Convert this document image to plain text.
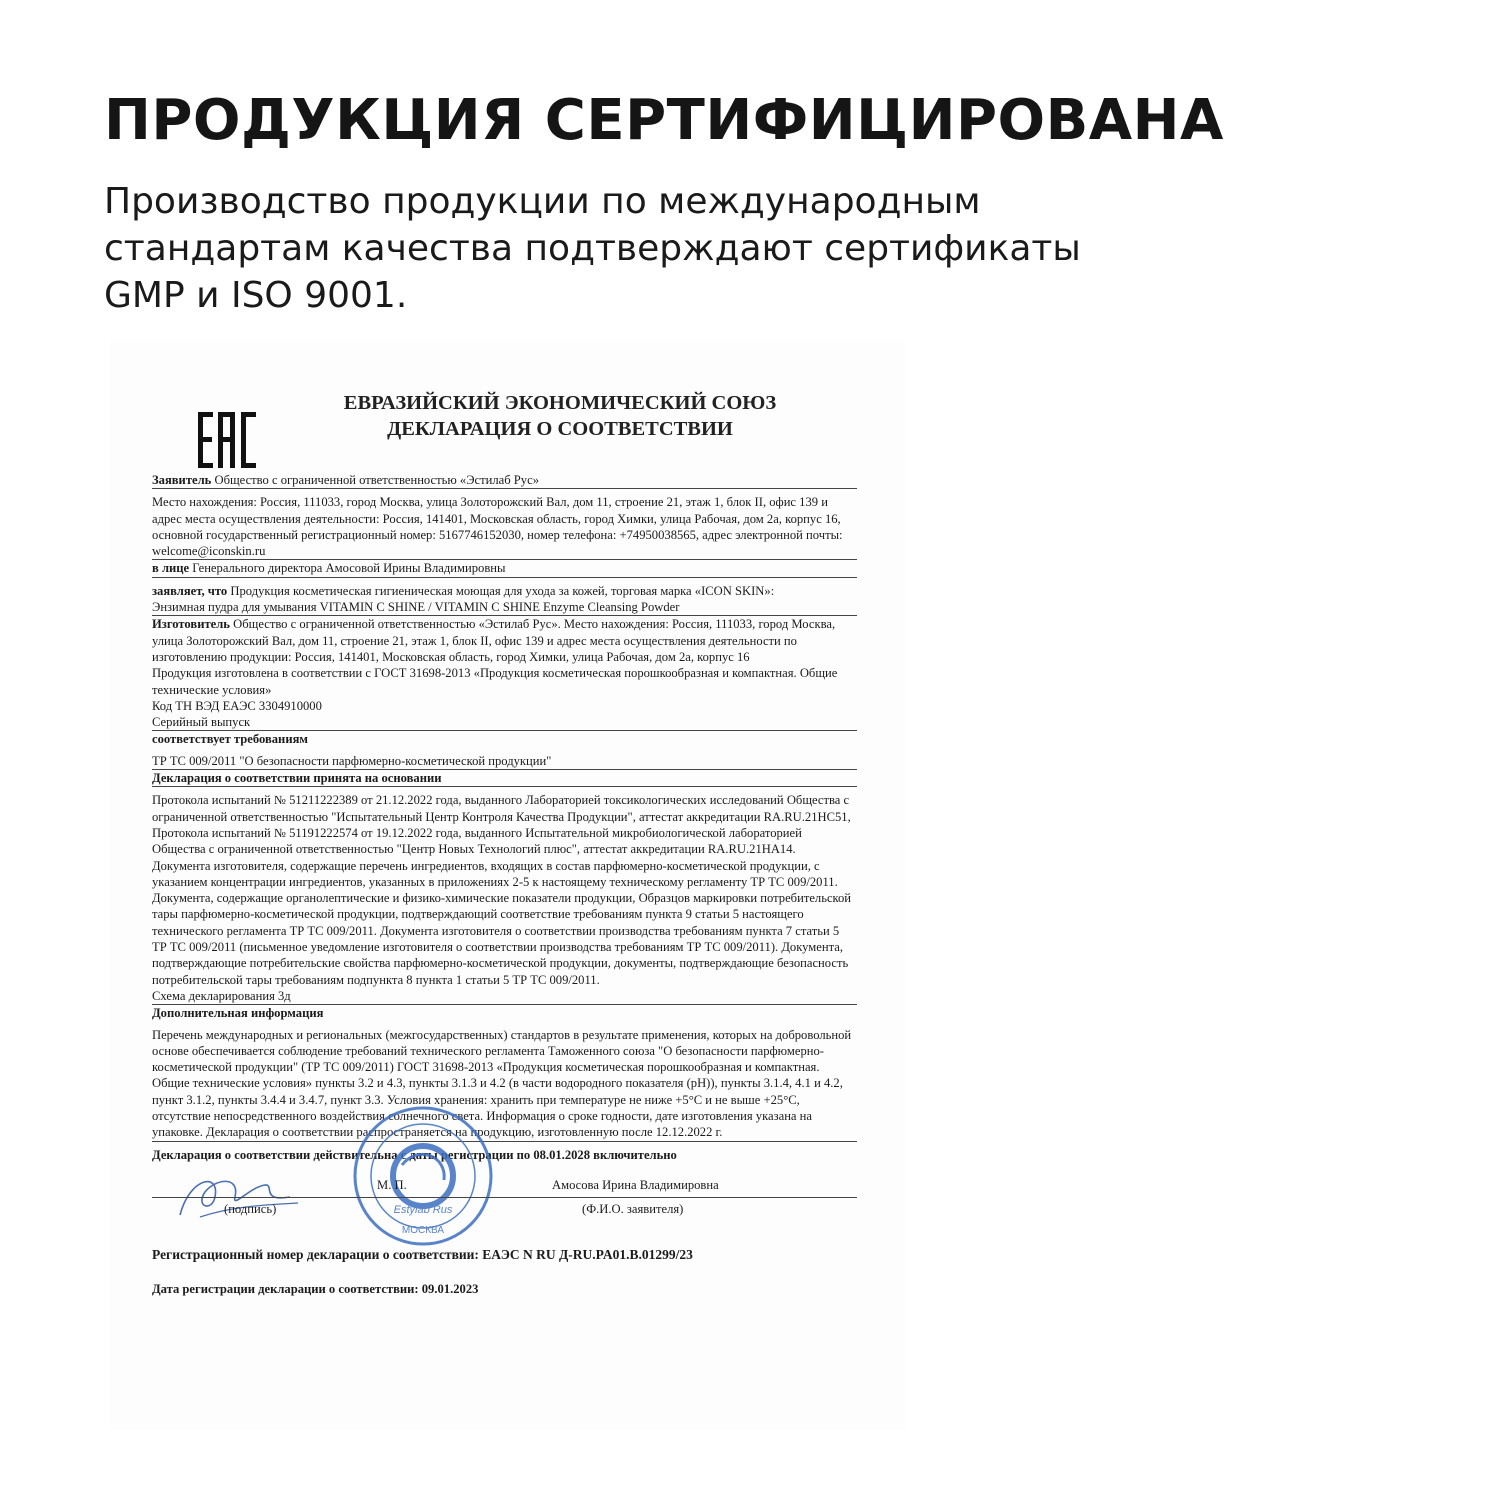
ПРОДУКЦИЯ СЕРТИФИЦИРОВАНА
Производство продукции по международным
стандартам качества подтверждают сертификаты
GMP и ISO 9001.
ЕВРАЗИЙСКИЙ ЭКОНОМИЧЕСКИЙ СОЮЗ
ДЕКЛАРАЦИЯ О СООТВЕТСТВИИ
Заявитель Общество с ограниченной ответственностью «Эстилаб Рус»
Место нахождения: Россия, 111033, город Москва, улица Золоторожский Вал, дом 11, строение 21, этаж 1, блок II, офис 139 и адрес места осуществления деятельности: Россия, 141401, Московская область, город Химки, улица Рабочая, дом 2а, корпус 16, основной государственный регистрационный номер: 5167746152030, номер телефона: +74950038565, адрес электронной почты: welcome@iconskin.ru
в лице Генерального директора Амосовой Ирины Владимировны
заявляет, что Продукция косметическая гигиеническая моющая для ухода за кожей, торговая марка «ICON SKIN»:
Энзимная пудра для умывания VITAMIN C SHINE / VITAMIN C SHINE Enzyme Cleansing Powder
Изготовитель Общество с ограниченной ответственностью «Эстилаб Рус». Место нахождения: Россия, 111033, город Москва, улица Золоторожский Вал, дом 11, строение 21, этаж 1, блок II, офис 139 и адрес места осуществления деятельности по изготовлению продукции: Россия, 141401, Московская область, город Химки, улица Рабочая, дом 2а, корпус 16
Продукция изготовлена в соответствии с ГОСТ 31698-2013 «Продукция косметическая порошкообразная и компактная. Общие технические условия»
Код ТН ВЭД ЕАЭС 3304910000
Серийный выпуск
соответствует требованиям
ТР ТС 009/2011 "О безопасности парфюмерно-косметической продукции"
Декларация о соответствии принята на основании
Протокола испытаний № 51211222389 от 21.12.2022 года, выданного Лабораторией токсикологических исследований Общества с ограниченной ответственностью "Испытательный Центр Контроля Качества Продукции", аттестат аккредитации RA.RU.21НС51, Протокола испытаний № 51191222574 от 19.12.2022 года, выданного Испытательной микробиологической лабораторией Общества с ограниченной ответственностью "Центр Новых Технологий плюс", аттестат аккредитации RA.RU.21НА14. Документа изготовителя, содержащие перечень ингредиентов, входящих в состав парфюмерно-косметической продукции, с указанием концентрации ингредиентов, указанных в приложениях 2-5 к настоящему техническому регламенту ТР ТС 009/2011. Документа, содержащие органолептические и физико-химические показатели продукции, Образцов маркировки потребительской тары парфюмерно-косметической продукции, подтверждающий соответствие требованиям пункта 9 статьи 5 настоящего технического регламента ТР ТС 009/2011. Документа изготовителя о соответствии производства требованиям пункта 7 статьи 5 ТР ТС 009/2011 (письменное уведомление изготовителя о соответствии производства требованиям ТР ТС 009/2011). Документа, подтверждающие потребительские свойства парфюмерно-косметической продукции, документы, подтверждающие безопасность потребительской тары требованиям подпункта 8 пункта 1 статьи 5 ТР ТС 009/2011.
Схема декларирования 3д
Дополнительная информация
Перечень международных и региональных (межгосударственных) стандартов в результате применения, которых на добровольной основе обеспечивается соблюдение требований технического регламента Таможенного союза "О безопасности парфюмерно-косметической продукции" (ТР ТС 009/2011) ГОСТ 31698-2013 «Продукция косметическая порошкообразная и компактная. Общие технические условия» пункты 3.2 и 4.3, пункты 3.1.3 и 4.2 (в части водородного показателя (рН)), пункты 3.1.4, 4.1 и 4.2, пункт 3.1.2, пункты 3.4.4 и 3.4.7, пункт 3.3. Условия хранения: хранить при температуре не ниже +5°С и не выше +25°С, отсутствие непосредственного воздействия солнечного света. Информация о сроке годности, дате изготовления указана на упаковке. Декларация о соответствии распространяется на продукцию, изготовленную после 12.12.2022 г.
Декларация о соответствии действительна с даты регистрации по 08.01.2028 включительно
Estylab Rus
МОСКВА
М. П.	Амосова Ирина Владимировна
(подпись)	(Ф.И.О. заявителя)
Регистрационный номер декларации о соответствии: ЕАЭС N RU Д-RU.PA01.B.01299/23
Дата регистрации декларации о соответствии: 09.01.2023
